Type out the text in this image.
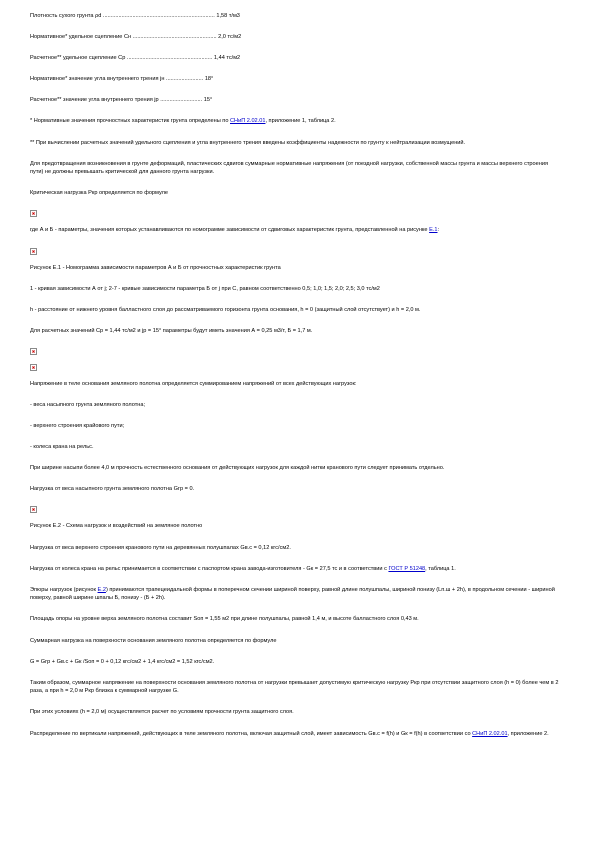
Плотность сухого грунта ρd ........................................................................ 1,58 т/м3

Нормативное* удельное сцепление Сн ...................................................... 2,0 тс/м2

Расчетное** удельное сцепление Ср ....................................................... 1,44 тс/м2

Нормативное* значение угла внутреннего трения jн ........................ 18°

Расчетное** значение угла внутреннего трения jр ........................... 15°

* Нормативные значения прочностных характеристик грунта определены по СНиП 2.02.01, приложение 1, таблица 2.

** При вычислении расчетных значений удельного сцепления и угла внутреннего трения введены коэффициенты надежности по грунту к нейтрализации возмущений.

Для предотвращения возникновения в грунте деформаций, пластических сдвигов суммарные нормативные напряжения (от поездной нагрузки, собственной массы грунта и массы верхнего строения пути) не должны превышать критической для данного грунта нагрузки.

Критическая нагрузка Ркр определяется по формуле

где А и Б - параметры, значения которых устанавливаются по номограмме зависимости от сдвиговых характеристик грунта, представленной на рисунке Е.1:

Рисунок Е.1 - Номограмма зависимости параметров А и Б от прочностных характеристик грунта

1 - кривая зависимости А от j; 2-7 - кривые зависимости параметра Б от j при С, равном соответственно 0,5; 1,0; 1,5; 2,0; 2,5; 3,0 тс/м2

h - расстояние от нижнего уровня балластного слоя до рассматриваемого горизонта грунта основания, h = 0 (защитный слой отсутствует) и h = 2,0 м.

Для расчетных значений Ср = 1,44 тс/м2 и jр = 15° параметры будут иметь значения А = 0,25 м3/т, Б = 1,7 м.

Напряжение в теле основания земляного полотна определяется суммированием напряжений от всех действующих нагрузок:

- веса насыпного грунта земляного полотна;

- верхнего строения крайового пути;

- колеса крана на рельс.

При ширине насыпи более 4,0 м прочность естественного основания от действующих нагрузок для каждой нитки кранового пути следует принимать отдельно.

Нагрузка от веса насыпного грунта земляного полотна Gгр = 0.

Рисунок Е.2 - Схема нагрузок и воздействий на земляное полотно

Нагрузка от веса верхнего строения кранового пути на деревянных полушпалах Gв.с = 0,12 кгс/см2.

Нагрузка от колеса крана на рельс принимается в соответствии с паспортом крана завода-изготовителя - Gк = 27,5 тс и в соответствии с ГОСТ Р 51248, таблица 1.

Эпюры нагрузок (рисунок Е.2) принимаются трапецеидальной формы в поперечном сечении шириной поверху, равной длине полушпалы, шириной понизу (Lп.ш + 2h), в продольном сечении - шириной поверху, равной ширине шпалы Б, понизу - (Б + 2h).

Площадь опоры на уровне верха земляного полотна составит Sоп = 1,55 м2 при длине полушпалы, равной 1,4 м, и высоте балластного слоя 0,43 м.

Суммарная нагрузка на поверхности основания земляного полотна определяется по формуле

G = Gгр + Gв.с + Gк /Sоп = 0 + 0,12 кгс/см2 + 1,4 кгс/см2 = 1,52 кгс/см2.

Таким образом, суммарное напряжение на поверхности основания земляного полотна от нагрузки превышает допустимую критическую нагрузку Ркр при отсутствии защитного слоя (h = 0) более чем в 2 раза, а при h = 2,0 м Ркр близка к суммарной нагрузке G.

При этих условиях (h = 2,0 м) осуществляется расчет по условиям прочности грунта защитного слоя.

Распределение по вертикали напряжений, действующих в теле земляного полотна, включая защитный слой, имеет зависимость Gв.с = f(h) и Gк = f(h) в соответствии со СНиП 2.02.01, приложение 2.
